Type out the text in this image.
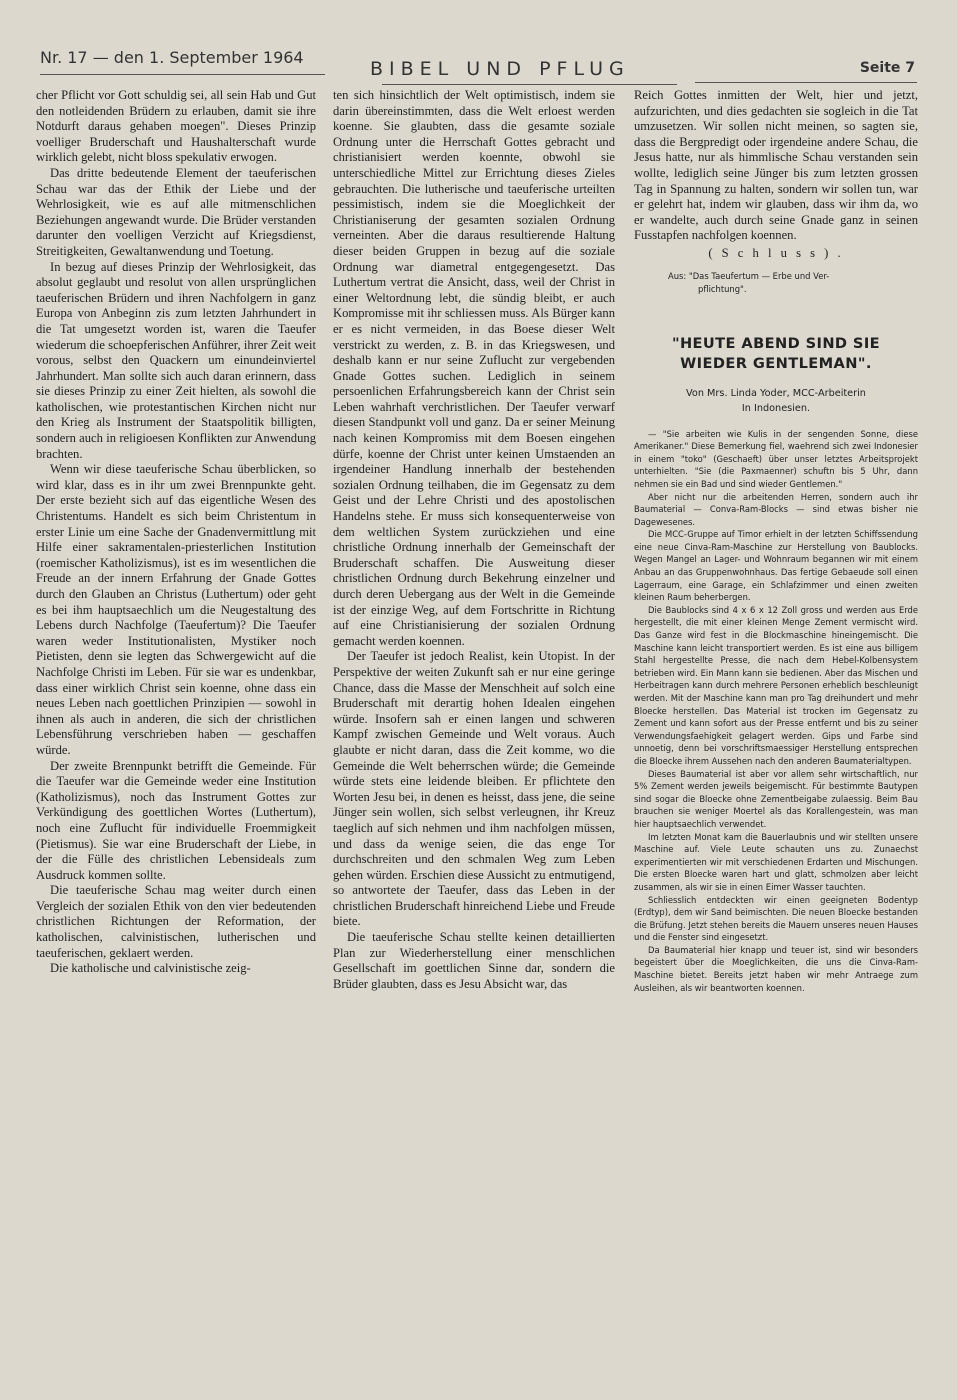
Nr. 17 — den 1. September 1964
BIBEL UND PFLUG	Seite 7

cher Pflicht vor Gott schuldig sei, all sein Hab und Gut den notleidenden Brüdern zu erlauben, damit sie ihre Notdurft daraus gehaben moegen". Dieses Prinzip voelliger Bruderschaft und Haushalterschaft wurde wirklich gelebt, nicht bloss spekulativ erwogen.

Das dritte bedeutende Element der taeuferischen Schau war das der Ethik der Liebe und der Wehrlosigkeit, wie es auf alle mitmenschlichen Beziehungen angewandt wurde. Die Brüder verstanden darunter den voelligen Verzicht auf Kriegsdienst, Streitigkeiten, Gewaltanwendung und Toetung.

In bezug auf dieses Prinzip der Wehrlosigkeit, das absolut geglaubt und resolut von allen ursprünglichen taeuferischen Brüdern und ihren Nachfolgern in ganz Europa von Anbeginn zis zum letzten Jahrhundert in die Tat umgesetzt worden ist, waren die Taeufer wiederum die schoepferischen Anführer, ihrer Zeit weit vorous, selbst den Quackern um einundeinviertel Jahrhundert. Man sollte sich auch daran erinnern, dass sie dieses Prinzip zu einer Zeit hielten, als sowohl die katholischen, wie protestantischen Kirchen nicht nur den Krieg als Instrument der Staatspolitik billigten, sondern auch in religioesen Konflikten zur Anwendung brachten.

Wenn wir diese taeuferische Schau überblicken, so wird klar, dass es in ihr um zwei Brennpunkte geht. Der erste bezieht sich auf das eigentliche Wesen des Christentums. Handelt es sich beim Christentum in erster Linie um eine Sache der Gnadenvermittlung mit Hilfe einer sakramentalen-priesterlichen Institution (roemischer Katholizismus), ist es im wesentlichen die Freude an der innern Erfahrung der Gnade Gottes durch den Glauben an Christus (Luthertum) oder geht es bei ihm hauptsaechlich um die Neugestaltung des Lebens durch Nachfolge (Taeufertum)? Die Taeufer waren weder Institutionalisten, Mystiker noch Pietisten, denn sie legten das Schwergewicht auf die Nachfolge Christi im Leben. Für sie war es undenkbar, dass einer wirklich Christ sein koenne, ohne dass ein neues Leben nach goettlichen Prinzipien — sowohl in ihnen als auch in anderen, die sich der christlichen Lebensführung verschrieben haben — geschaffen würde.

Der zweite Brennpunkt betrifft die Gemeinde. Für die Taeufer war die Gemeinde weder eine Institution (Katholizismus), noch das Instrument Gottes zur Verkündigung des goettlichen Wortes (Luthertum), noch eine Zuflucht für individuelle Froemmigkeit (Pietismus). Sie war eine Bruderschaft der Liebe, in der die Fülle des christlichen Lebensideals zum Ausdruck kommen sollte.

Die taeuferische Schau mag weiter durch einen Vergleich der sozialen Ethik von den vier bedeutenden christlichen Richtungen der Reformation, der katholischen, calvinistischen, lutherischen und taeuferischen, geklaert werden.

Die katholische und calvinistische zeig-

ten sich hinsichtlich der Welt optimistisch, indem sie darin übereinstimmten, dass die Welt erloest werden koenne. Sie glaubten, dass die gesamte soziale Ordnung unter die Herrschaft Gottes gebracht und christianisiert werden koennte, obwohl sie unterschiedliche Mittel zur Errichtung dieses Zieles gebrauchten. Die lutherische und taeuferische urteilten pessimistisch, indem sie die Moeglichkeit der Christianiserung der gesamten sozialen Ordnung verneinten. Aber die daraus resultierende Haltung dieser beiden Gruppen in bezug auf die soziale Ordnung war diametral entgegengesetzt. Das Luthertum vertrat die Ansicht, dass, weil der Christ in einer Weltordnung lebt, die sündig bleibt, er auch Kompromisse mit ihr schliessen muss. Als Bürger kann er es nicht vermeiden, in das Boese dieser Welt verstrickt zu werden, z. B. in das Kriegswesen, und deshalb kann er nur seine Zuflucht zur vergebenden Gnade Gottes suchen. Lediglich in seinem persoenlichen Erfahrungsbereich kann der Christ sein Leben wahrhaft verchristlichen. Der Taeufer verwarf diesen Standpunkt voll und ganz. Da er seiner Meinung nach keinen Kompromiss mit dem Boesen eingehen dürfe, koenne der Christ unter keinen Umstaenden an irgendeiner Handlung innerhalb der bestehenden sozialen Ordnung teilhaben, die im Gegensatz zu dem Geist und der Lehre Christi und des apostolischen Handelns stehe. Er muss sich konsequenterweise von dem weltlichen System zurückziehen und eine christliche Ordnung innerhalb der Gemeinschaft der Bruderschaft schaffen. Die Ausweitung dieser christlichen Ordnung durch Bekehrung einzelner und durch deren Uebergang aus der Welt in die Gemeinde ist der einzige Weg, auf dem Fortschritte in Richtung auf eine Christianisierung der sozialen Ordnung gemacht werden koennen.

Der Taeufer ist jedoch Realist, kein Utopist. In der Perspektive der weiten Zukunft sah er nur eine geringe Chance, dass die Masse der Menschheit auf solch eine Bruderschaft mit derartig hohen Idealen eingehen würde. Insofern sah er einen langen und schweren Kampf zwischen Gemeinde und Welt voraus. Auch glaubte er nicht daran, dass die Zeit komme, wo die Gemeinde die Welt beherrschen würde; die Gemeinde würde stets eine leidende bleiben. Er pflichtete den Worten Jesu bei, in denen es heisst, dass jene, die seine Jünger sein wollen, sich selbst verleugnen, ihr Kreuz taeglich auf sich nehmen und ihm nachfolgen müssen, und dass da wenige seien, die das enge Tor durchschreiten und den schmalen Weg zum Leben gehen würden. Erschien diese Aussicht zu entmutigend, so antwortete der Taeufer, dass das Leben in der christlichen Bruderschaft hinreichend Liebe und Freude biete.

Die taeuferische Schau stellte keinen detaillierten Plan zur Wiederherstellung einer menschlichen Gesellschaft im goettlichen Sinne dar, sondern die Brüder glaubten, dass es Jesu Absicht war, das

Reich Gottes inmitten der Welt, hier und jetzt, aufzurichten, und dies gedachten sie sogleich in die Tat umzusetzen. Wir sollen nicht meinen, so sagten sie, dass die Bergpredigt oder irgendeine andere Schau, die Jesus hatte, nur als himmlische Schau verstanden sein wollte, lediglich seine Jünger bis zum letzten grossen Tag in Spannung zu halten, sondern wir sollen tun, war er gelehrt hat, indem wir glauben, dass wir ihm da, wo er wandelte, auch durch seine Gnade ganz in seinen Fusstapfen nachfolgen koennen.

( S c h l u s s ) .
Aus: "Das Taeufertum — Erbe und Ver-
pflichtung".
"HEUTE ABEND SIND SIE
WIEDER GENTLEMAN".
Von Mrs. Linda Yoder, MCC-Arbeiterin
In Indonesien.

— "Sie arbeiten wie Kulis in der sengenden Sonne, diese Amerikaner." Diese Bemerkung fiel, waehrend sich zwei Indonesier in einem "toko" (Geschaeft) über unser letztes Arbeitsprojekt unterhielten. "Sie (die Paxmaenner) schuftn bis 5 Uhr, dann nehmen sie ein Bad und sind wieder Gentlemen."

Aber nicht nur die arbeitenden Herren, sondern auch ihr Baumaterial — Conva-Ram-Blocks — sind etwas bisher nie Dagewesenes.

Die MCC-Gruppe auf Timor erhielt in der letzten Schiffssendung eine neue Cinva-Ram-Maschine zur Herstellung von Baublocks. Wegen Mangel an Lager- und Wohnraum begannen wir mit einem Anbau an das Gruppenwohnhaus. Das fertige Gebaeude soll einen Lagerraum, eine Garage, ein Schlafzimmer und einen zweiten kleinen Raum beherbergen.

Die Baublocks sind 4 x 6 x 12 Zoll gross und werden aus Erde hergestellt, die mit einer kleinen Menge Zement vermischt wird. Das Ganze wird fest in die Blockmaschine hineingemischt. Die Maschine kann leicht transportiert werden. Es ist eine aus billigem Stahl hergestellte Presse, die nach dem Hebel-Kolbensystem betrieben wird. Ein Mann kann sie bedienen. Aber das Mischen und Herbeitragen kann durch mehrere Personen erheblich beschleunigt werden. Mit der Maschine kann man pro Tag dreihundert und mehr Bloecke herstellen. Das Material ist trocken im Gegensatz zu Zement und kann sofort aus der Presse entfernt und bis zu seiner Verwendungsfaehigkeit gelagert werden. Gips und Farbe sind unnoetig, denn bei vorschriftsmaessiger Herstellung entsprechen die Bloecke ihrem Aussehen nach den anderen Baumaterialtypen.

Dieses Baumaterial ist aber vor allem sehr wirtschaftlich, nur 5% Zement werden jeweils beigemischt. Für bestimmte Bautypen sind sogar die Bloecke ohne Zementbeigabe zulaessig. Beim Bau brauchen sie weniger Moertel als das Korallengestein, was man hier hauptsaechlich verwendet.

Im letzten Monat kam die Bauerlaubnis und wir stellten unsere Maschine auf. Viele Leute schauten uns zu. Zunaechst experimentierten wir mit verschiedenen Erdarten und Mischungen. Die ersten Bloecke waren hart und glatt, schmolzen aber leicht zusammen, als wir sie in einen Eimer Wasser tauchten.

Schliesslich entdeckten wir einen geeigneten Bodentyp (Erdtyp), dem wir Sand beimischten. Die neuen Bloecke bestanden die Brüfung. Jetzt stehen bereits die Mauern unseres neuen Hauses und die Fenster sind eingesetzt.

Da Baumaterial hier knapp und teuer ist, sind wir besonders begeistert über die Moeglichkeiten, die uns die Cinva-Ram-Maschine bietet. Bereits jetzt haben wir mehr Antraege zum Ausleihen, als wir beantworten koennen.
